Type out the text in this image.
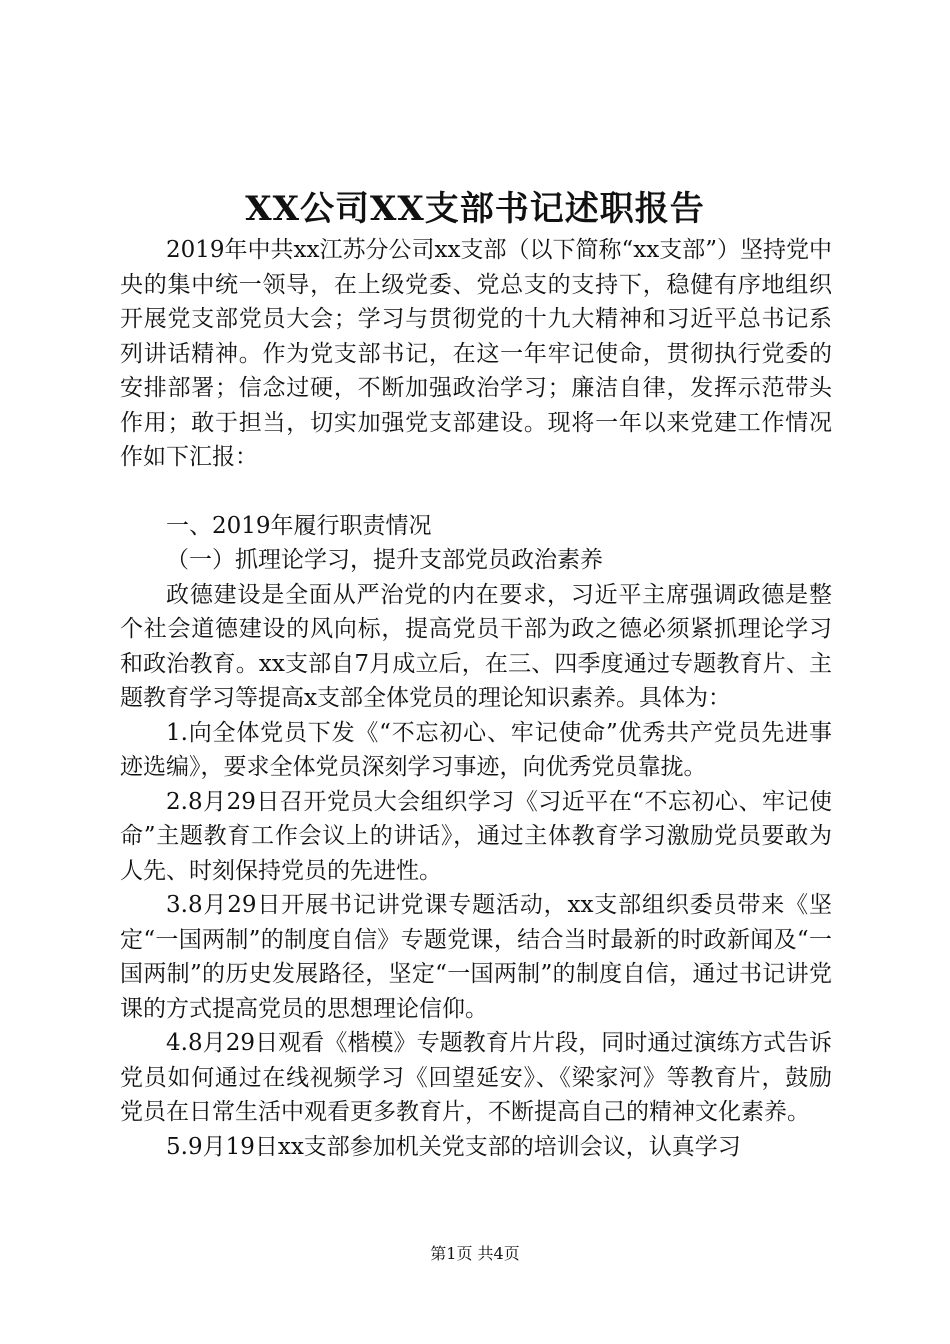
XX公司XX支部书记述职报告

2019年中共xx江苏分公司xx支部（以下简称“xx支部”）坚持党中央的集中统一领导，在上级党委、党总支的支持下，稳健有序地组织开展党支部党员大会；学习与贯彻党的十九大精神和习近平总书记系列讲话精神。作为党支部书记，在这一年牢记使命，贯彻执行党委的安排部署；信念过硬，不断加强政治学习；廉洁自律，发挥示范带头作用；敢于担当，切实加强党支部建设。现将一年以来党建工作情况作如下汇报：

一、2019年履行职责情况

（一）抓理论学习，提升支部党员政治素养

政德建设是全面从严治党的内在要求，习近平主席强调政德是整个社会道德建设的风向标，提高党员干部为政之德必须紧抓理论学习和政治教育。xx支部自7月成立后，在三、四季度通过专题教育片、主题教育学习等提高x支部全体党员的理论知识素养。具体为：

1.向全体党员下发《“不忘初心、牢记使命”优秀共产党员先进事迹选编》，要求全体党员深刻学习事迹，向优秀党员靠拢。

2.8月29日召开党员大会组织学习《习近平在“不忘初心、牢记使命”主题教育工作会议上的讲话》，通过主体教育学习激励党员要敢为人先、时刻保持党员的先进性。

3.8月29日开展书记讲党课专题活动，xx支部组织委员带来《坚定“一国两制”的制度自信》专题党课，结合当时最新的时政新闻及“一国两制”的历史发展路径，坚定“一国两制”的制度自信，通过书记讲党课的方式提高党员的思想理论信仰。

4.8月29日观看《楷模》专题教育片片段，同时通过演练方式告诉党员如何通过在线视频学习《回望延安》、《梁家河》等教育片，鼓励党员在日常生活中观看更多教育片，不断提高自己的精神文化素养。

5.9月19日xx支部参加机关党支部的培训会议，认真学习

第1页 共4页
